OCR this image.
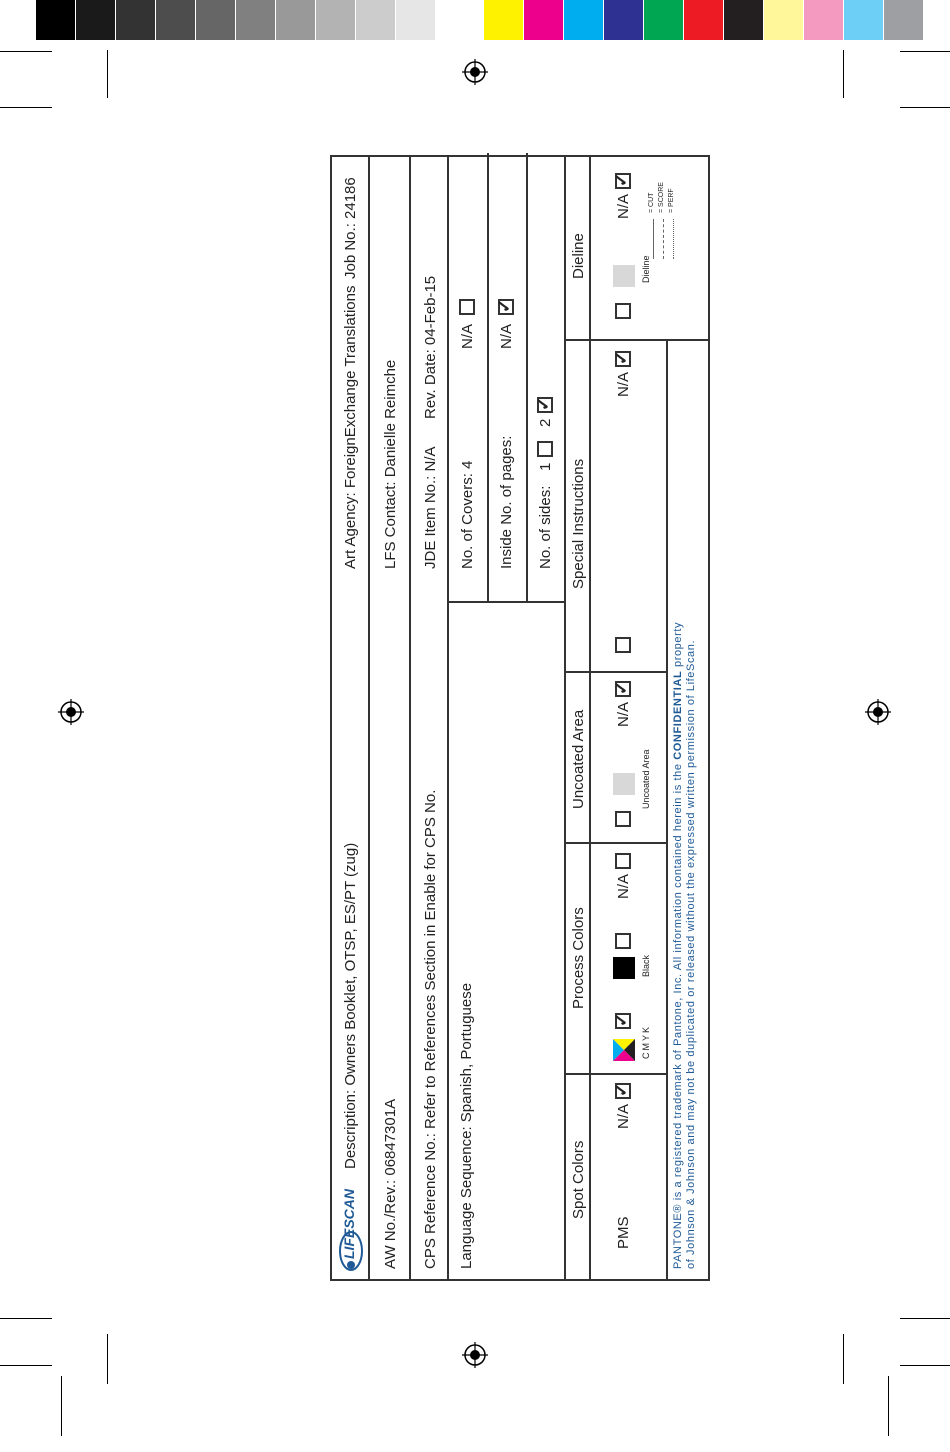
LIFESCAN
Description: Owners Booklet, OTSP, ES/PT (zug)
Art Agency: ForeignExchange Translations
Job No.: 24186
AW No./Rev.: 06847301A
LFS Contact: Danielle Reimche
CPS Reference No.: Refer to References Section in Enable for CPS No.
JDE Item No.: N/A
Rev. Date: 04-Feb-15
Language Sequence: Spanish, Portuguese
No. of Covers: 4
N/A
Inside No. of pages:
N/A
✓
No. of sides:
1
2
✓
Spot Colors
Process Colors
Uncoated Area
Special Instructions
Dieline
PMS
N/A
✓
✓
CMYK
Black
N/A
Uncoated Area
N/A
✓
N/A
✓
Dieline
N/A
✓ = CUT = SCORE = PERF
PANTONE® is a registered trademark of Pantone, Inc. All information contained herein is the CONFIDENTIAL property of Johnson & Johnson and may not be duplicated or released without the expressed written permission of LifeScan.
